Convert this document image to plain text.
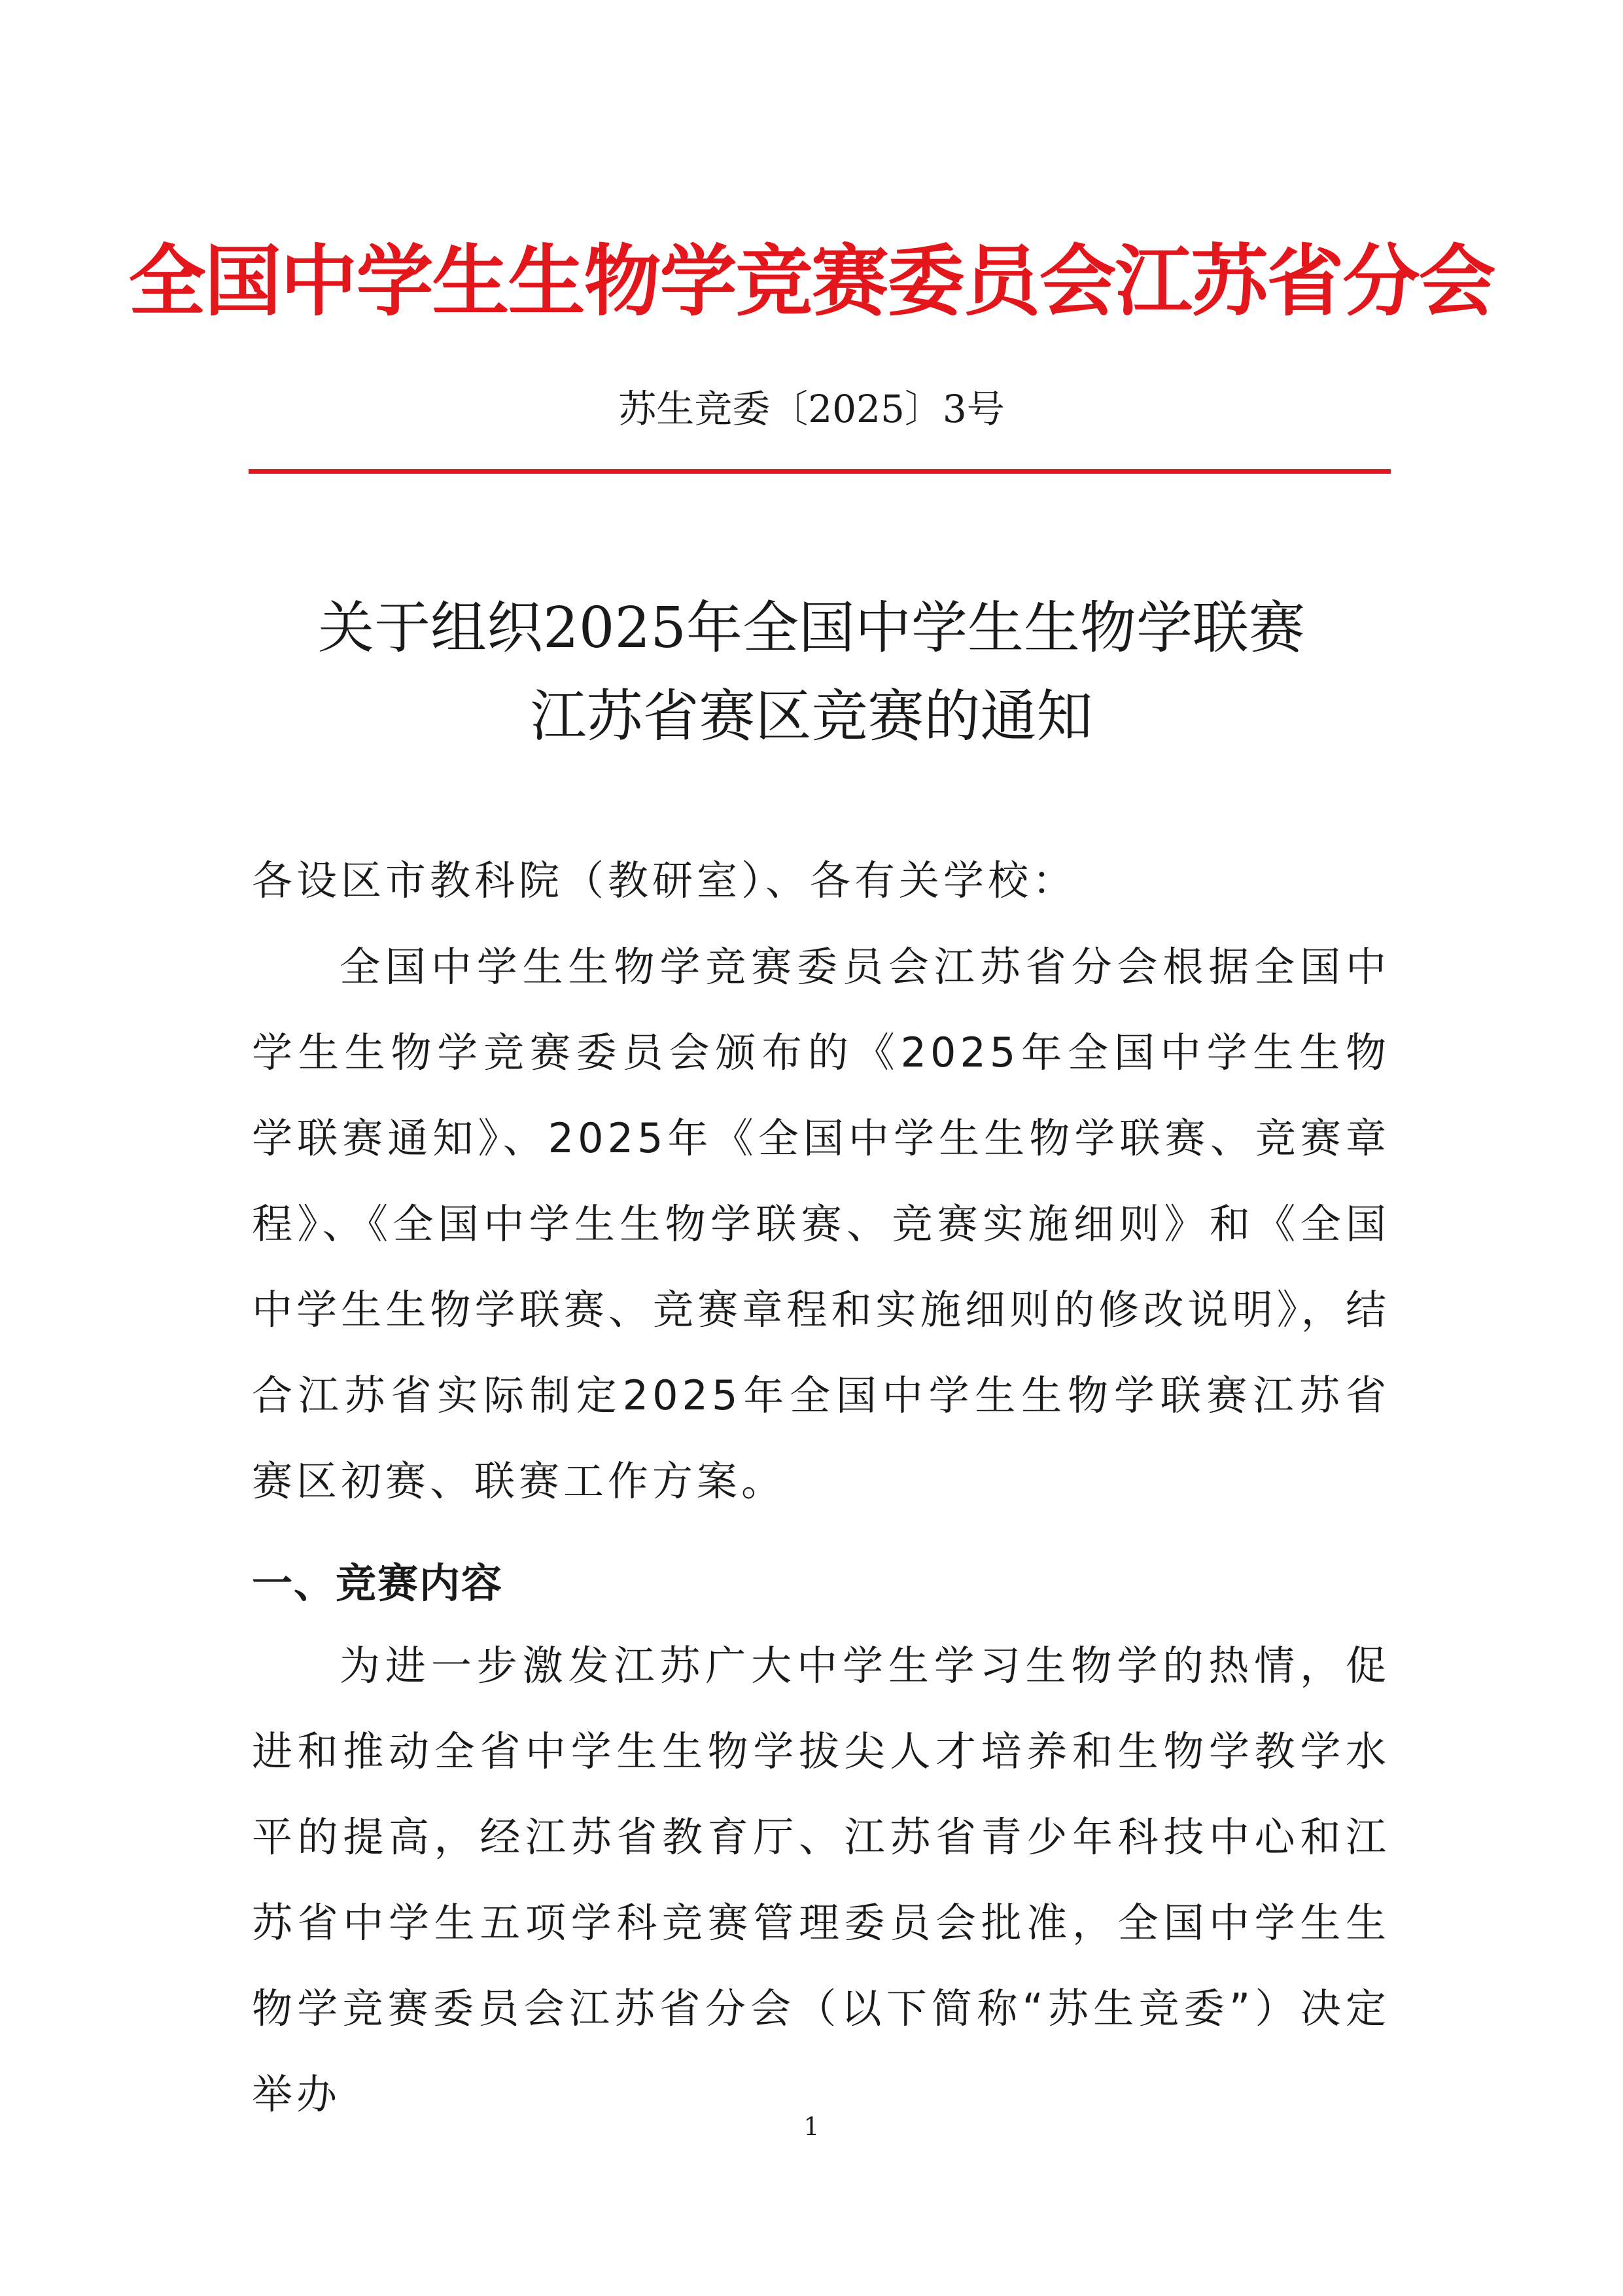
全国中学生生物学竞赛委员会江苏省分会
苏生竞委〔2025〕3号
关于组织2025年全国中学生生物学联赛
江苏省赛区竞赛的通知
各设区市教科院（教研室）、各有关学校：
全国中学生生物学竞赛委员会江苏省分会根据全国中学生生物学竞赛委员会颁布的《2025年全国中学生生物学联赛通知》、2025年《全国中学生生物学联赛、竞赛章程》、《全国中学生生物学联赛、竞赛实施细则》和《全国中学生生物学联赛、竞赛章程和实施细则的修改说明》，结合江苏省实际制定2025年全国中学生生物学联赛江苏省赛区初赛、联赛工作方案。
一、竞赛内容
为进一步激发江苏广大中学生学习生物学的热情，促进和推动全省中学生生物学拔尖人才培养和生物学教学水平的提高，经江苏省教育厅、江苏省青少年科技中心和江苏省中学生五项学科竞赛管理委员会批准，全国中学生生物学竞赛委员会江苏省分会（以下简称“苏生竞委”）决定举办
1
